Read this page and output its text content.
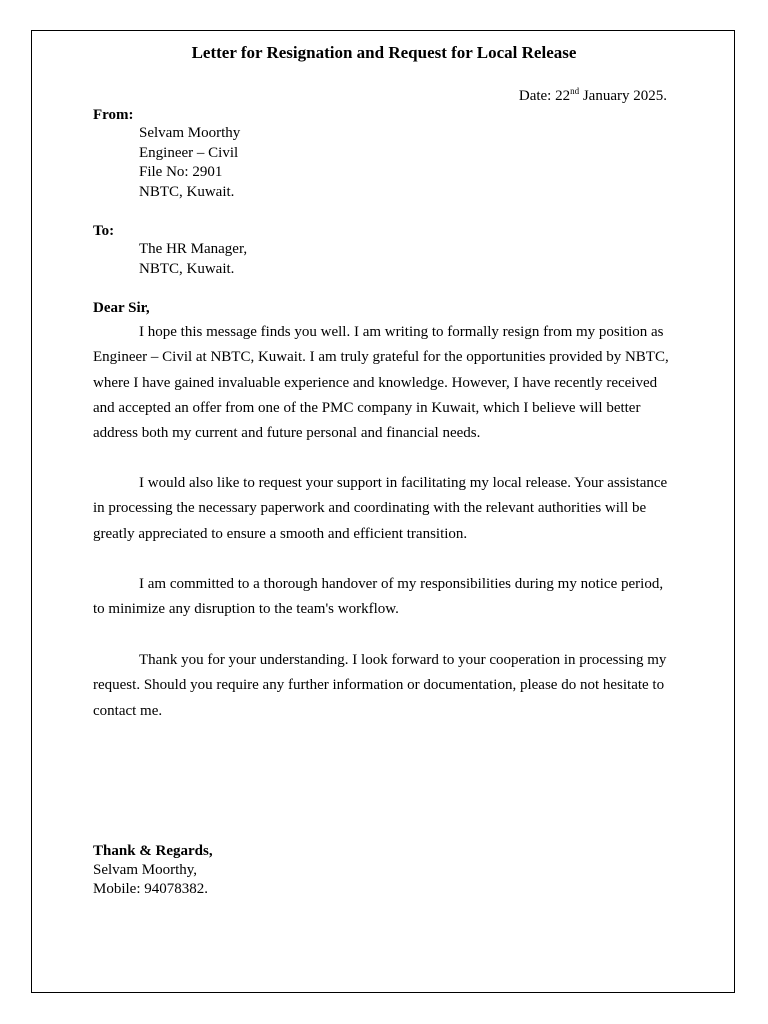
Letter for Resignation and Request for Local Release
Date: 22nd January 2025.
From:
Selvam Moorthy
Engineer – Civil
File No: 2901
NBTC, Kuwait.
To:
The HR Manager,
NBTC, Kuwait.
Dear Sir,

I hope this message finds you well. I am writing to formally resign from my position as Engineer – Civil at NBTC, Kuwait. I am truly grateful for the opportunities provided by NBTC, where I have gained invaluable experience and knowledge. However, I have recently received and accepted an offer from one of the PMC company in Kuwait, which I believe will better address both my current and future personal and financial needs.

I would also like to request your support in facilitating my local release. Your assistance in processing the necessary paperwork and coordinating with the relevant authorities will be greatly appreciated to ensure a smooth and efficient transition.

I am committed to a thorough handover of my responsibilities during my notice period, to minimize any disruption to the team's workflow.

Thank you for your understanding. I look forward to your cooperation in processing my request. Should you require any further information or documentation, please do not hesitate to contact me.

Thank & Regards,
Selvam Moorthy,
Mobile: 94078382.
